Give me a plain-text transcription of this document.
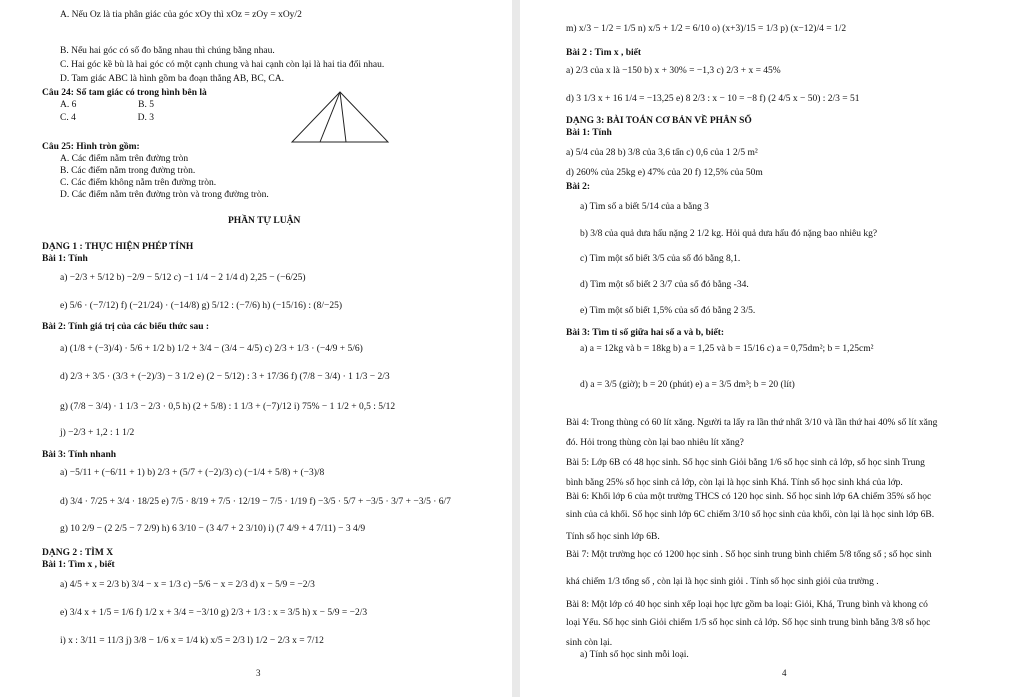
A. Nếu Oz là tia phân giác của góc xOy thì xOz = zOy = xOy/2
B. Nếu hai góc có số đo bằng nhau thì chúng bằng nhau.
C. Hai góc kề bù là hai góc có một cạnh chung và hai cạnh còn lại là hai tia đối nhau.
D. Tam giác ABC là hình gồm ba đoạn thẳng AB, BC, CA.
Câu 24: Số tam giác có trong hình bên là
A. 6                          B. 5
C. 4                          D. 3
Câu 25: Hình tròn gồm:
A. Các điểm nằm trên đường tròn
B. Các điểm nằm trong đường tròn.
C. Các điểm không nằm trên đường tròn.
D. Các điểm nằm trên đường tròn và trong đường tròn.
PHẦN TỰ LUẬN
DẠNG 1 : THỰC HIỆN PHÉP TÍNH
Bài 1: Tính
a) −2/3 + 5/12 b) −2/9 − 5/12 c) −1 1/4 − 2 1/4 d) 2,25 − (−6/25)
e) 5/6 · (−7/12) f) (−21/24) · (−14/8) g) 5/12 : (−7/6) h) (−15/16) : (8/−25)
Bài 2: Tính giá trị của các biểu thức sau :
a) (1/8 + (−3)/4) · 5/6 + 1/2 b) 1/2 + 3/4 − (3/4 − 4/5) c) 2/3 + 1/3 · (−4/9 + 5/6)
d) 2/3 + 3/5 · (3/3 + (−2)/3) − 3 1/2 e) (2 − 5/12) : 3 + 17/36 f) (7/8 − 3/4) · 1 1/3 − 2/3
g) (7/8 − 3/4) · 1 1/3 − 2/3 · 0,5 h) (2 + 5/8) : 1 1/3 + (−7)/12 i) 75% − 1 1/2 + 0,5 : 5/12
j) −2/3 + 1,2 : 1 1/2
Bài 3: Tính nhanh
a) −5/11 + (−6/11 + 1) b) 2/3 + (5/7 + (−2)/3) c) (−1/4 + 5/8) + (−3)/8
d) 3/4 · 7/25 + 3/4 · 18/25 e) 7/5 · 8/19 + 7/5 · 12/19 − 7/5 · 1/19 f) −3/5 · 5/7 + −3/5 · 3/7 + −3/5 · 6/7
g) 10 2/9 − (2 2/5 − 7 2/9) h) 6 3/10 − (3 4/7 + 2 3/10) i) (7 4/9 + 4 7/11) − 3 4/9
DẠNG 2 : TÌM X
Bài 1: Tìm x , biết
a) 4/5 + x = 2/3 b) 3/4 − x = 1/3 c) −5/6 − x = 2/3 d) x − 5/9 = −2/3
e) 3/4 x + 1/5 = 1/6 f) 1/2 x + 3/4 = −3/10 g) 2/3 + 1/3 : x = 3/5 h) x − 5/9 = −2/3
i) x : 3/11 = 11/3 j) 3/8 − 1/6 x = 1/4 k) x/5 = 2/3 l) 1/2 − 2/3 x = 7/12
3
m) x/3 − 1/2 = 1/5 n) x/5 + 1/2 = 6/10 o) (x+3)/15 = 1/3 p) (x−12)/4 = 1/2
Bài 2 : Tìm x , biết
a) 2/3 của x là −150 b) x + 30% = −1,3 c) 2/3 + x = 45%
d) 3 1/3 x + 16 1/4 = −13,25 e) 8 2/3 : x − 10 = −8 f) (2 4/5 x − 50) : 2/3 = 51
DẠNG 3: BÀI TOÁN CƠ BẢN VỀ PHÂN SỐ
Bài 1: Tính
a) 5/4 của 28 b) 3/8 của 3,6 tấn c) 0,6 của 1 2/5 m²
d) 260% của 25kg e) 47% của 20 f) 12,5% của 50m
Bài 2:
a) Tìm số a biết 5/14 của a bằng 3
b) 3/8 của quả dưa hấu nặng 2 1/2 kg. Hỏi quả dưa hấu đó nặng bao nhiêu kg?
c) Tìm một số biết 3/5 của số đó bằng 8,1.
d) Tìm một số biết 2 3/7 của số đó bằng -34.
e) Tìm một số biết 1,5% của số đó bằng 2 3/5.
Bài 3: Tìm tỉ số giữa hai số a và b, biết:
a) a = 12kg và b = 18kg b) a = 1,25 và b = 15/16 c) a = 0,75dm²; b = 1,25cm²
d) a = 3/5 (giờ); b = 20 (phút) e) a = 3/5 dm³; b = 20 (lít)
Bài 4: Trong thùng có 60 lít xăng. Người ta lấy ra lần thứ nhất 3/10 và lần thứ hai 40% số lít xăng
đó. Hỏi trong thùng còn lại bao nhiêu lít xăng?
Bài 5: Lớp 6B có 48 học sinh. Số học sinh Giỏi bằng 1/6 số học sinh cả lớp, số học sinh Trung
bình bằng 25% số học sinh cả lớp, còn lại là học sinh Khá. Tính số học sinh khá của lớp.
Bài 6: Khối lớp 6 của một trường THCS có 120 học sinh. Số học sinh lớp 6A chiếm 35% số học
sinh của cả khối. Số học sinh lớp 6C chiếm 3/10 số học sinh của khối, còn lại là học sinh lớp 6B.
Tính số học sinh lớp 6B.
Bài 7: Một trường học có 1200 học sinh . Số học sinh trung bình chiếm 5/8 tổng số ; số học sinh
khá chiếm 1/3 tổng số , còn lại là học sinh giỏi . Tính số học sinh giỏi của trường .
Bài 8: Một lớp có 40 học sinh xếp loại học lực gồm ba loại: Giỏi, Khá, Trung bình và khong có
loại Yếu. Số học sinh Giỏi chiếm 1/5 số học sinh cả lớp. Số học sinh trung bình bằng 3/8 số học
sinh còn lại.
a) Tính số học sinh mỗi loại.
4
